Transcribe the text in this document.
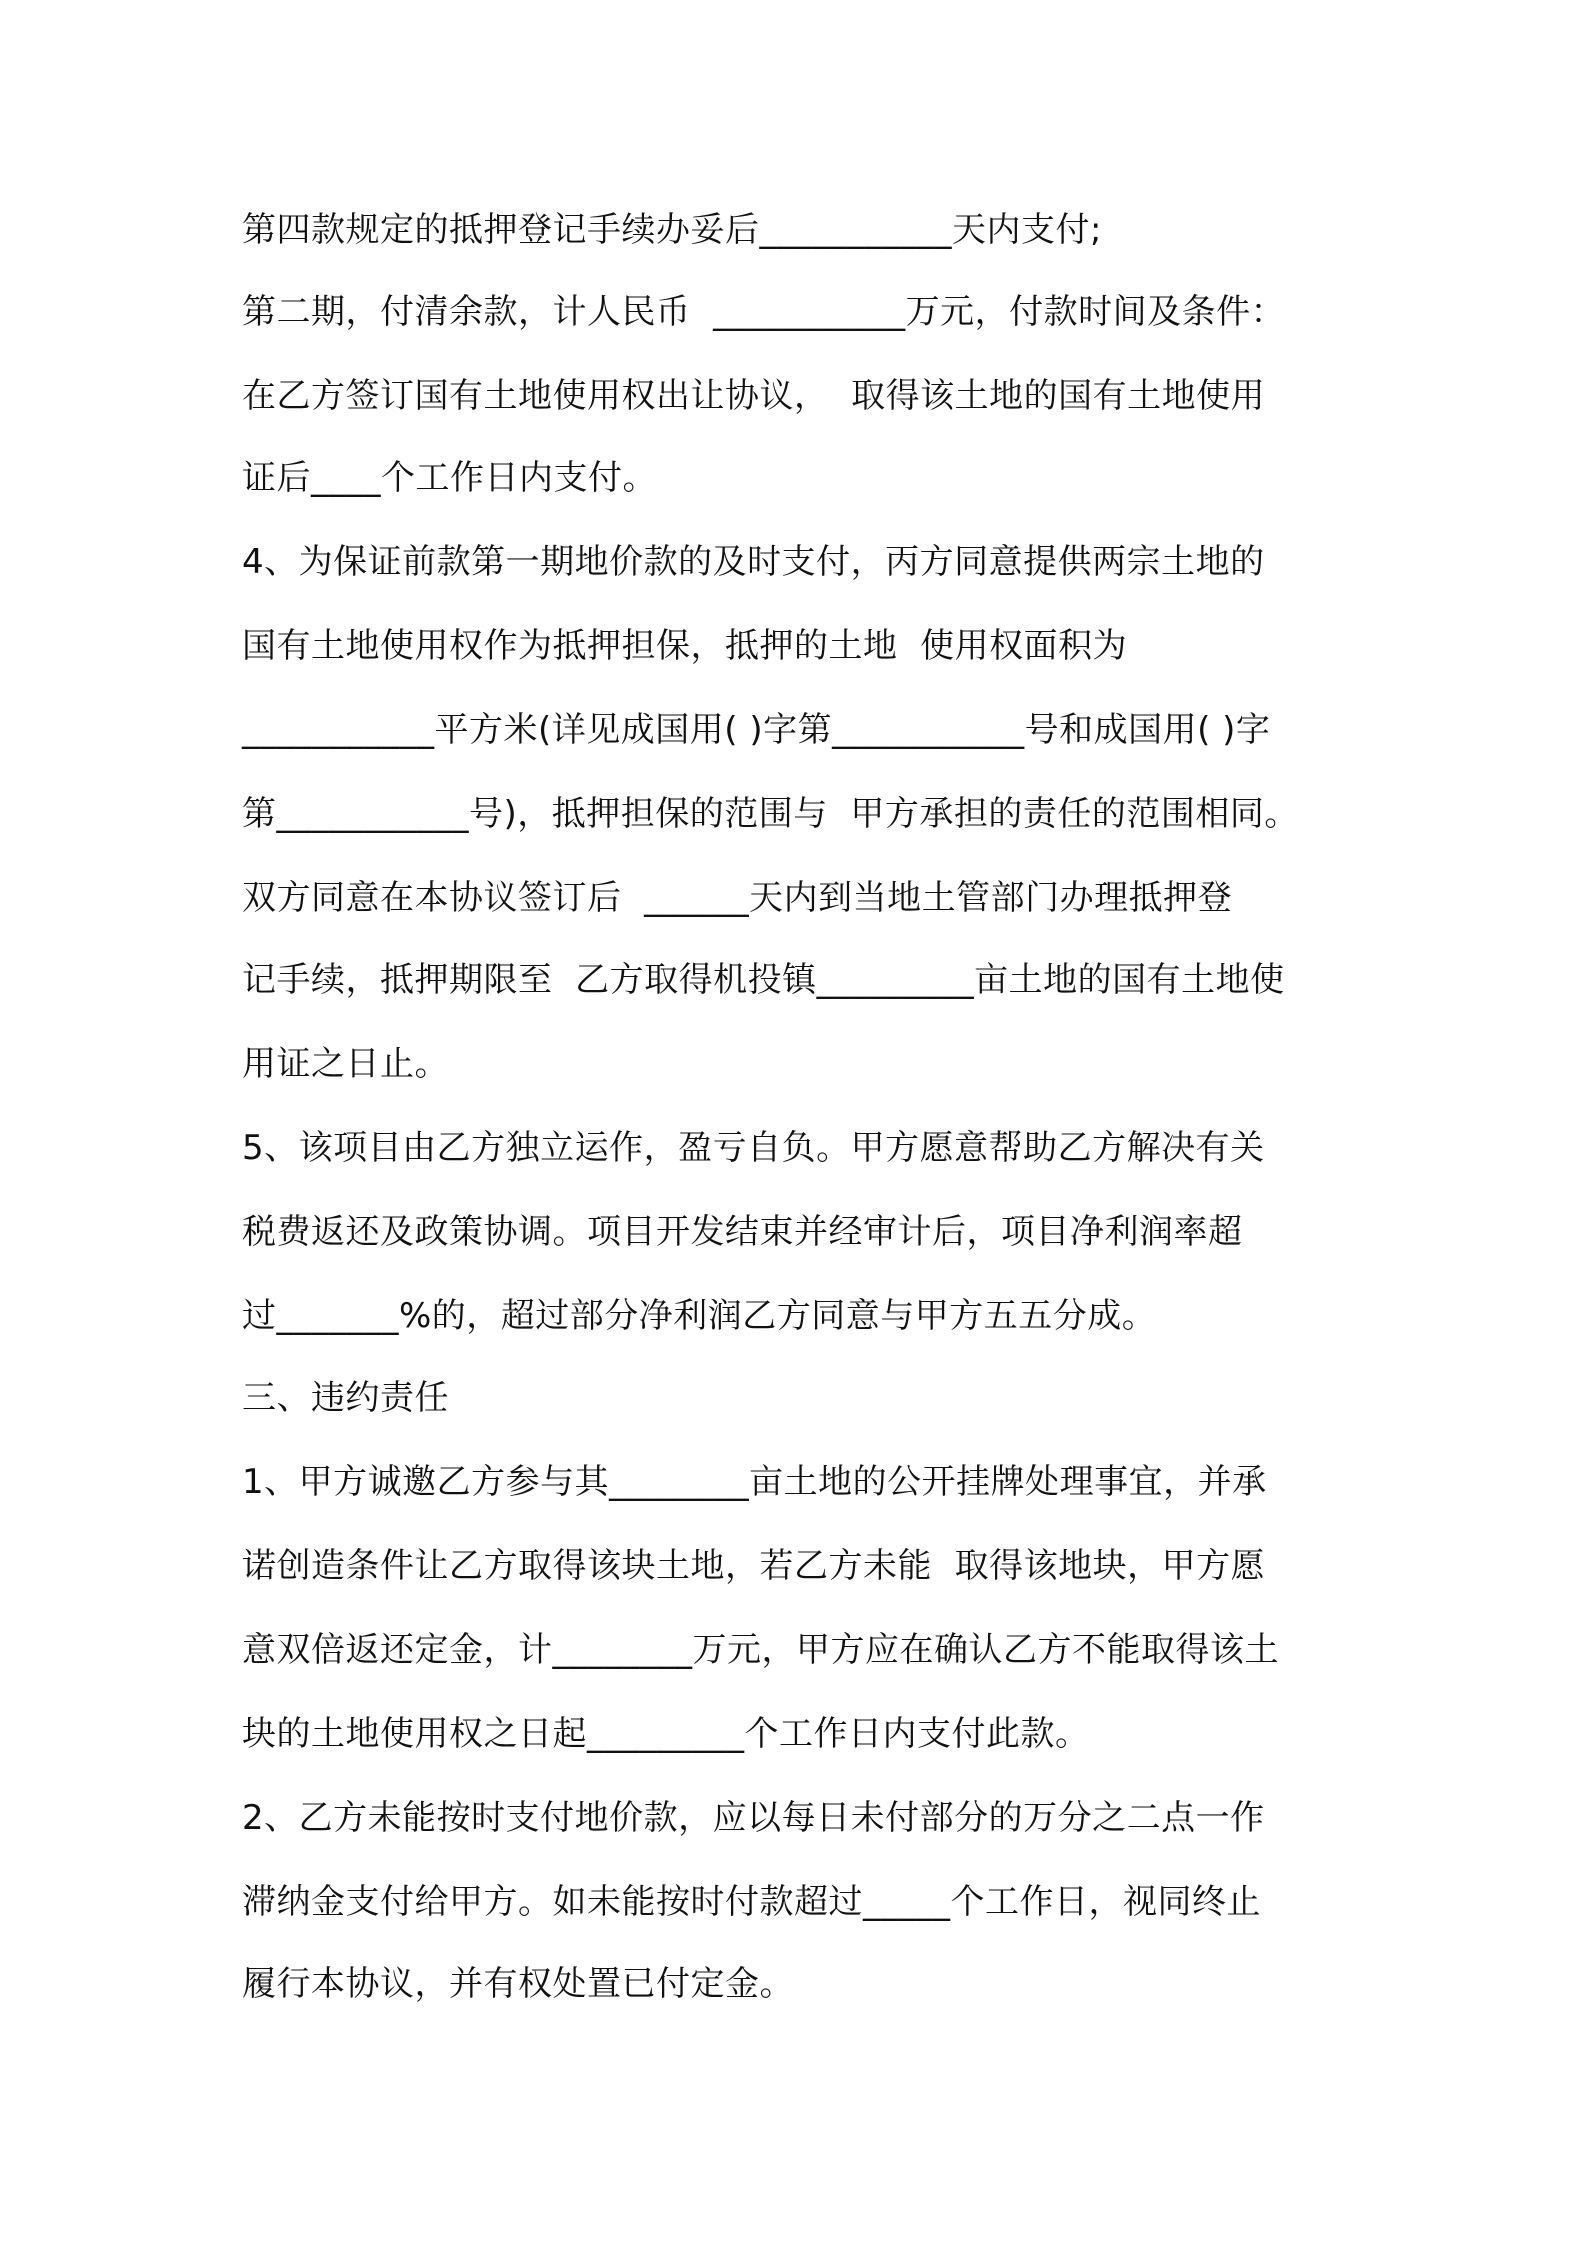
第四款规定的抵押登记手续办妥后___________天内支付;
第二期，付清余款，计人民币  ___________万元，付款时间及条件：
在乙方签订国有土地使用权出让协议，  取得该土地的国有土地使用
证后____个工作日内支付。
4、为保证前款第一期地价款的及时支付，丙方同意提供两宗土地的
国有土地使用权作为抵押担保，抵押的土地  使用权面积为
___________平方米(详见成国用( )字第___________号和成国用( )字
第___________号)，抵押担保的范围与  甲方承担的责任的范围相同。
双方同意在本协议签订后  ______天内到当地土管部门办理抵押登
记手续，抵押期限至  乙方取得机投镇_________亩土地的国有土地使
用证之日止。
5、该项目由乙方独立运作，盈亏自负。甲方愿意帮助乙方解决有关
税费返还及政策协调。项目开发结束并经审计后，项目净利润率超
过_______%的，超过部分净利润乙方同意与甲方五五分成。
三、违约责任
1、甲方诚邀乙方参与其________亩土地的公开挂牌处理事宜，并承
诺创造条件让乙方取得该块土地，若乙方未能  取得该地块，甲方愿
意双倍返还定金，计________万元，甲方应在确认乙方不能取得该土
块的土地使用权之日起_________个工作日内支付此款。
2、乙方未能按时支付地价款，应以每日未付部分的万分之二点一作
滞纳金支付给甲方。如未能按时付款超过_____个工作日，视同终止
履行本协议，并有权处置已付定金。
